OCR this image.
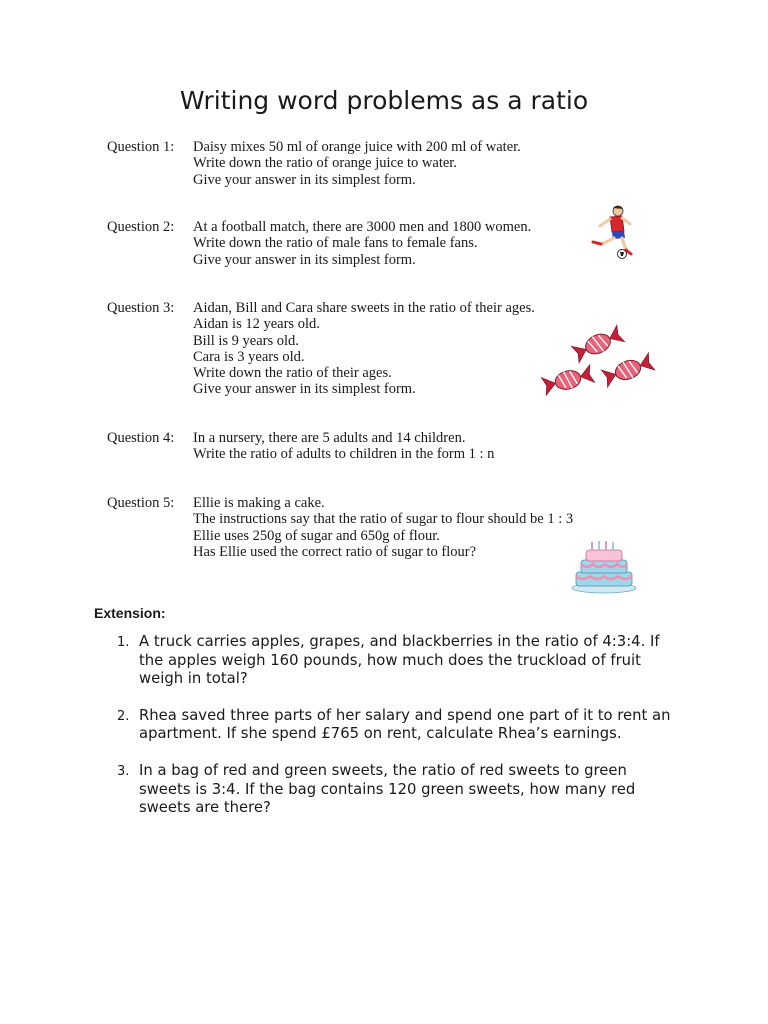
Writing word problems as a ratio
Question 1:	Daisy mixes 50 ml of orange juice with 200 ml of water.
Write down the ratio of orange juice to water.
Give your answer in its simplest form.
Question 2:	At a football match, there are 3000 men and 1800 women.
Write down the ratio of male fans to female fans.
Give your answer in its simplest form.
Question 3:	Aidan, Bill and Cara share sweets in the ratio of their ages.
Aidan is 12 years old.
Bill is 9 years old.
Cara is 3 years old.
Write down the ratio of their ages.
Give your answer in its simplest form.
Question 4:	In a nursery, there are 5 adults and 14 children.
Write the ratio of adults to children in the form 1 : n
Question 5:	Ellie is making a cake.
The instructions say that the ratio of sugar to flour should be 1 : 3
Ellie uses 250g of sugar and 650g of flour.
Has Ellie used the correct ratio of sugar to flour?
Extension:
1. A truck carries apples, grapes, and blackberries in the ratio of 4:3:4. If the apples weigh 160 pounds, how much does the truckload of fruit weigh in total?
2. Rhea saved three parts of her salary and spend one part of it to rent an apartment. If she spend £765 on rent, calculate Rhea’s earnings.
3. In a bag of red and green sweets, the ratio of red sweets to green sweets is 3:4. If the bag contains 120 green sweets, how many red sweets are there?
